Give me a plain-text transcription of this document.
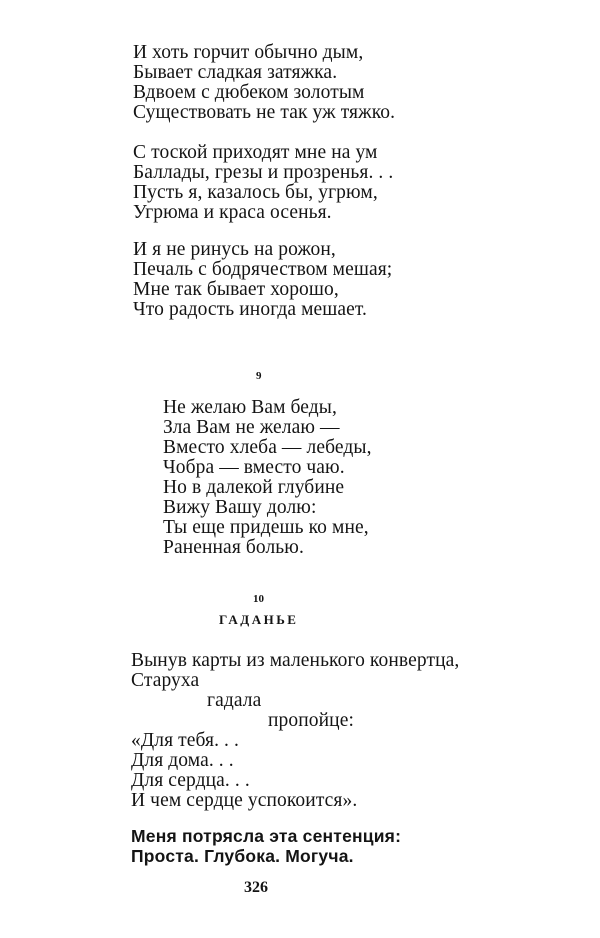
И хоть горчит обычно дым,
Бывает сладкая затяжка.
Вдвоем с дюбеком золотым
Существовать не так уж тяжко.
С тоской приходят мне на ум
Баллады, грезы и прозренья. . .
Пусть я, казалось бы, угрюм,
Угрюма и краса осенья.
И я не ринусь на рожон,
Печаль с бодрячеством мешая;
Мне так бывает хорошо,
Что радость иногда мешает.
9
Не желаю Вам беды,
Зла Вам не желаю —
Вместо хлеба — лебеды,
Чобра — вместо чаю.
Но в далекой глубине
Вижу Вашу долю:
Ты еще придешь ко мне,
Раненная болью.
10
ГАДАНЬЕ
Вынув карты из маленького конвертца,
Старуха
гадала
пропойце:
«Для тебя. . .
Для дома. . .
Для сердца. . .
И чем сердце успокоится».
Меня потрясла эта сентенция:
Проста. Глубока. Могуча.
326
